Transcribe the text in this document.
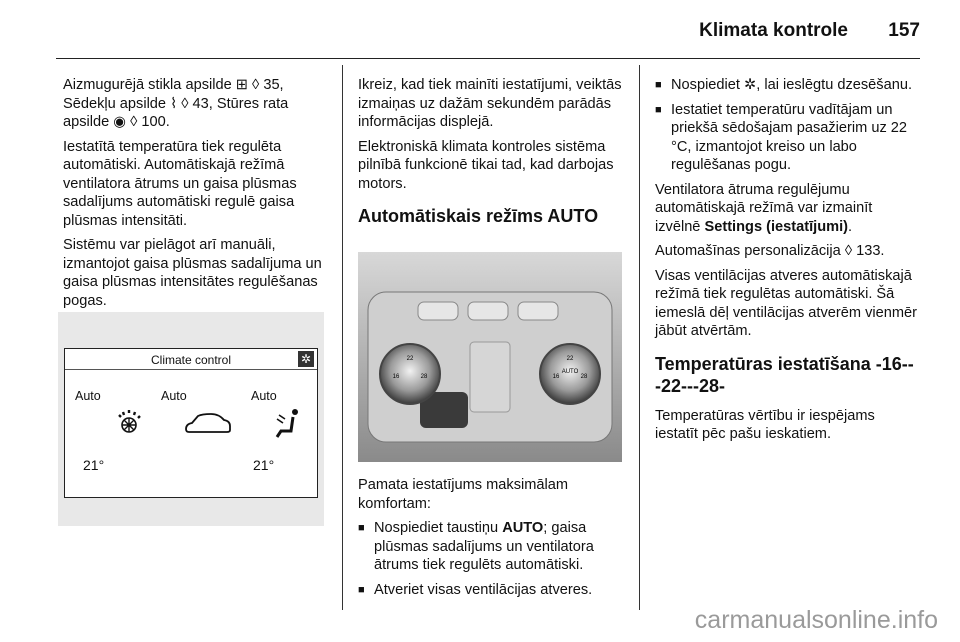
Klimata kontrole 157

Aizmugurējā stikla apsilde ⊞ ◊ 35, Sēdekļu apsilde ⌇ ◊ 43, Stūres rata apsilde ◉ ◊ 100.

Iestatītā temperatūra tiek regulēta automātiski. Automātiskajā režīmā ventilatora ātrums un gaisa plūsmas sadalījums automātiski regulē gaisa plūsmas intensitāti.

Sistēmu var pielāgot arī manuāli, izmantojot gaisa plūsmas sadalījuma un gaisa plūsmas intensitātes regulēšanas pogas.

Climate control	✲
Auto	Auto	Auto
21°	21°

Ikreiz, kad tiek mainīti iestatījumi, veiktās izmaiņas uz dažām sekundēm parādās informācijas displejā.

Elektroniskā klimata kontroles sistēma pilnībā funkcionē tikai tad, kad darbojas motors.

Automātiskais režīms AUTO
22
16	28
22
16	28
AUTO

Pamata iestatījums maksimālam komfortam:

■ Nospiediet taustiņu AUTO; gaisa plūsmas sadalījums un ventilatora ātrums tiek regulēts automātiski.
■ Atveriet visas ventilācijas atveres.
■ Nospiediet ✲, lai ieslēgtu dzesēšanu.
■ Iestatiet temperatūru vadītājam un priekšā sēdošajam pasažierim uz 22 °C, izmantojot kreiso un labo regulēšanas pogu.

Ventilatora ātruma regulējumu automātiskajā režīmā var izmainīt izvēlnē Settings (iestatījumi).

Automašīnas personalizācija ◊ 133.

Visas ventilācijas atveres automātiskajā režīmā tiek regulētas automātiski. Šā iemeslā dēļ ventilācijas atverēm vienmēr jābūt atvērtām.

Temperatūras iestatīšana -16---22---28-

Temperatūras vērtību ir iespējams iestatīt pēc pašu ieskatiem.

carmanualsonline.info
